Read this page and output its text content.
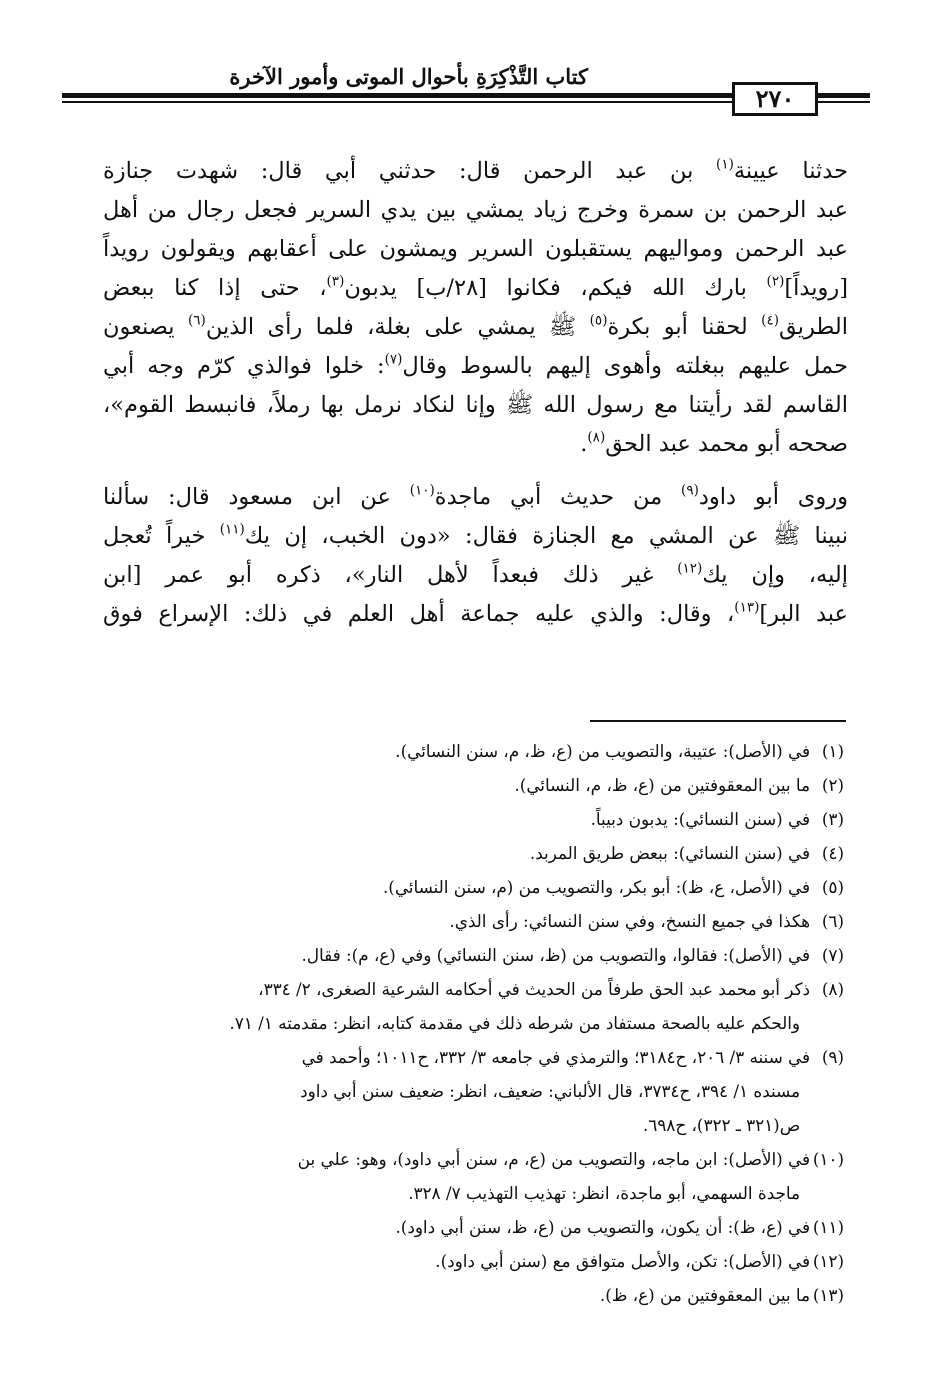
كتاب التَّذْكِرَةِ بأحوال الموتى وأمور الآخرة
٢٧٠

حدثنا عيينة$^{(١)}$ بن عبد الرحمن قال: حدثني أبي قال: شهدت جنازة
عبد الرحمن بن سمرة وخرج زياد يمشي بين يدي السرير فجعل رجال من أهل
عبد الرحمن ومواليهم يستقبلون السرير ويمشون على أعقابهم ويقولون رويداً
[رويداً]$^{(٢)}$ بارك الله فيكم، فكانوا [٢٨/ب] يدبون$^{(٣)}$، حتى إذا كنا ببعض
الطريق$^{(٤)}$ لحقنا أبو بكرة$^{(٥)}$ ﷺ يمشي على بغلة، فلما رأى الذين$^{(٦)}$ يصنعون
حمل عليهم ببغلته وأهوى إليهم بالسوط وقال$^{(٧)}$: خلوا فوالذي كرّم وجه أبي
القاسم لقد رأيتنا مع رسول الله ﷺ وإنا لنكاد نرمل بها رملاً، فانبسط القوم»،
صححه أبو محمد عبد الحق$^{(٨)}$.

وروى أبو داود$^{(٩)}$ من حديث أبي ماجدة$^{(١٠)}$ عن ابن مسعود قال: سألنا
نبينا ﷺ عن المشي مع الجنازة فقال: «دون الخبب، إن يك$^{(١١)}$ خيراً تُعجل
إليه، وإن يك$^{(١٢)}$ غير ذلك فبعداً لأهل النار»، ذكره أبو عمر [ابن
عبد البر]$^{(١٣)}$، وقال: والذي عليه جماعة أهل العلم في ذلك: الإسراع فوق

(١)في (الأصل): عتيبة، والتصويب من (ع، ظ، م، سنن النسائي).
(٢)ما بين المعقوفتين من (ع، ظ، م، النسائي).
(٣)في (سنن النسائي): يدبون دبيباً.
(٤)في (سنن النسائي): ببعض طريق المربد.
(٥)في (الأصل، ع، ظ): أبو بكر، والتصويب من (م، سنن النسائي).
(٦)هكذا في جميع النسخ، وفي سنن النسائي: رأى الذي.
(٧)في (الأصل): فقالوا، والتصويب من (ظ، سنن النسائي) وفي (ع، م): فقال.
(٨)ذكر أبو محمد عبد الحق طرفاً من الحديث في أحكامه الشرعية الصغرى، ٢/ ٣٣٤،
والحكم عليه بالصحة مستفاد من شرطه ذلك في مقدمة كتابه، انظر: مقدمته ١/ ٧١.
(٩)في سننه ٣/ ٢٠٦، ح٣١٨٤؛ والترمذي في جامعه ٣/ ٣٣٢، ح١٠١١؛ وأحمد في
مسنده ١/ ٣٩٤، ح٣٧٣٤، قال الألباني: ضعيف، انظر: ضعيف سنن أبي داود
ص(٣٢١ ـ ٣٢٢)، ح٦٩٨.
(١٠)في (الأصل): ابن ماجه، والتصويب من (ع، م، سنن أبي داود)، وهو: علي بن
ماجدة السهمي، أبو ماجدة، انظر: تهذيب التهذيب ٧/ ٣٢٨.
(١١)في (ع، ظ): أن يكون، والتصويب من (ع، ظ، سنن أبي داود).
(١٢)في (الأصل): تكن، والأصل متوافق مع (سنن أبي داود).
(١٣)ما بين المعقوفتين من (ع، ظ).
